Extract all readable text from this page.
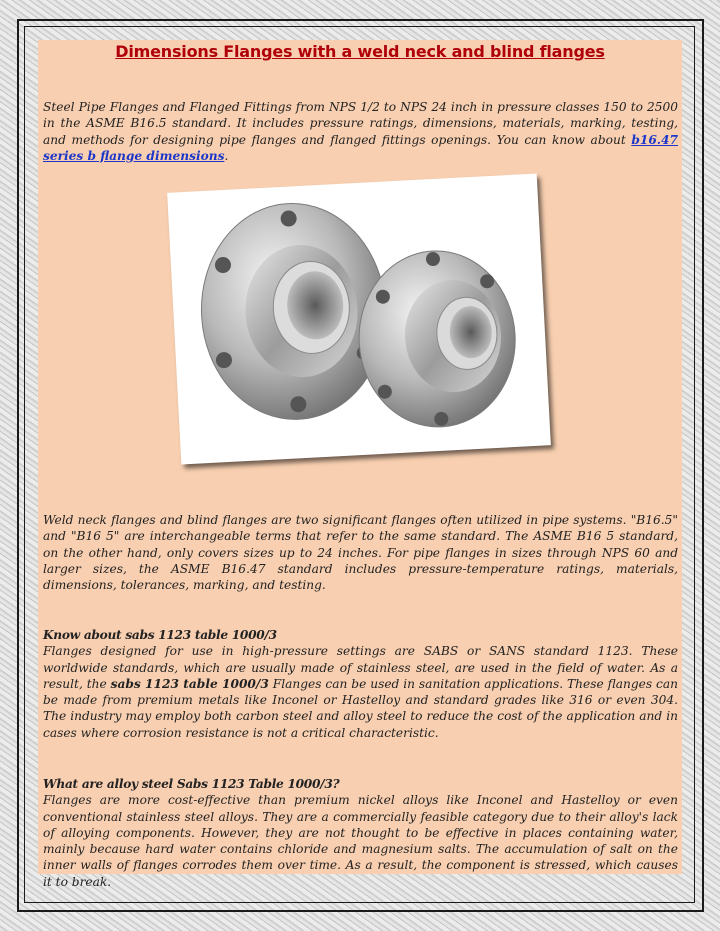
Dimensions Flanges with a weld neck and blind flanges
Steel Pipe Flanges and Flanged Fittings from NPS 1/2 to NPS 24 inch in pressure classes 150 to 2500 in the ASME B16.5 standard. It includes pressure ratings, dimensions, materials, marking, testing, and methods for designing pipe flanges and flanged fittings openings. You can know about b16.47 series b flange dimensions.
Weld neck flanges and blind flanges are two significant flanges often utilized in pipe systems. "B16.5" and "B16 5" are interchangeable terms that refer to the same standard. The ASME B16 5 standard, on the other hand, only covers sizes up to 24 inches. For pipe flanges in sizes through NPS 60 and larger sizes, the ASME B16.47 standard includes pressure-temperature ratings, materials, dimensions, tolerances, marking, and testing.
Know about sabs 1123 table 1000/3
Flanges designed for use in high-pressure settings are SABS or SANS standard 1123. These worldwide standards, which are usually made of stainless steel, are used in the field of water. As a result, the sabs 1123 table 1000/3 Flanges can be used in sanitation applications. These flanges can be made from premium metals like Inconel or Hastelloy and standard grades like 316 or even 304. The industry may employ both carbon steel and alloy steel to reduce the cost of the application and in cases where corrosion resistance is not a critical characteristic.
What are alloy steel Sabs 1123 Table 1000/3?
Flanges are more cost-effective than premium nickel alloys like Inconel and Hastelloy or even conventional stainless steel alloys. They are a commercially feasible category due to their alloy's lack of alloying components. However, they are not thought to be effective in places containing water, mainly because hard water contains chloride and magnesium salts. The accumulation of salt on the inner walls of flanges corrodes them over time. As a result, the component is stressed, which causes it to break.
